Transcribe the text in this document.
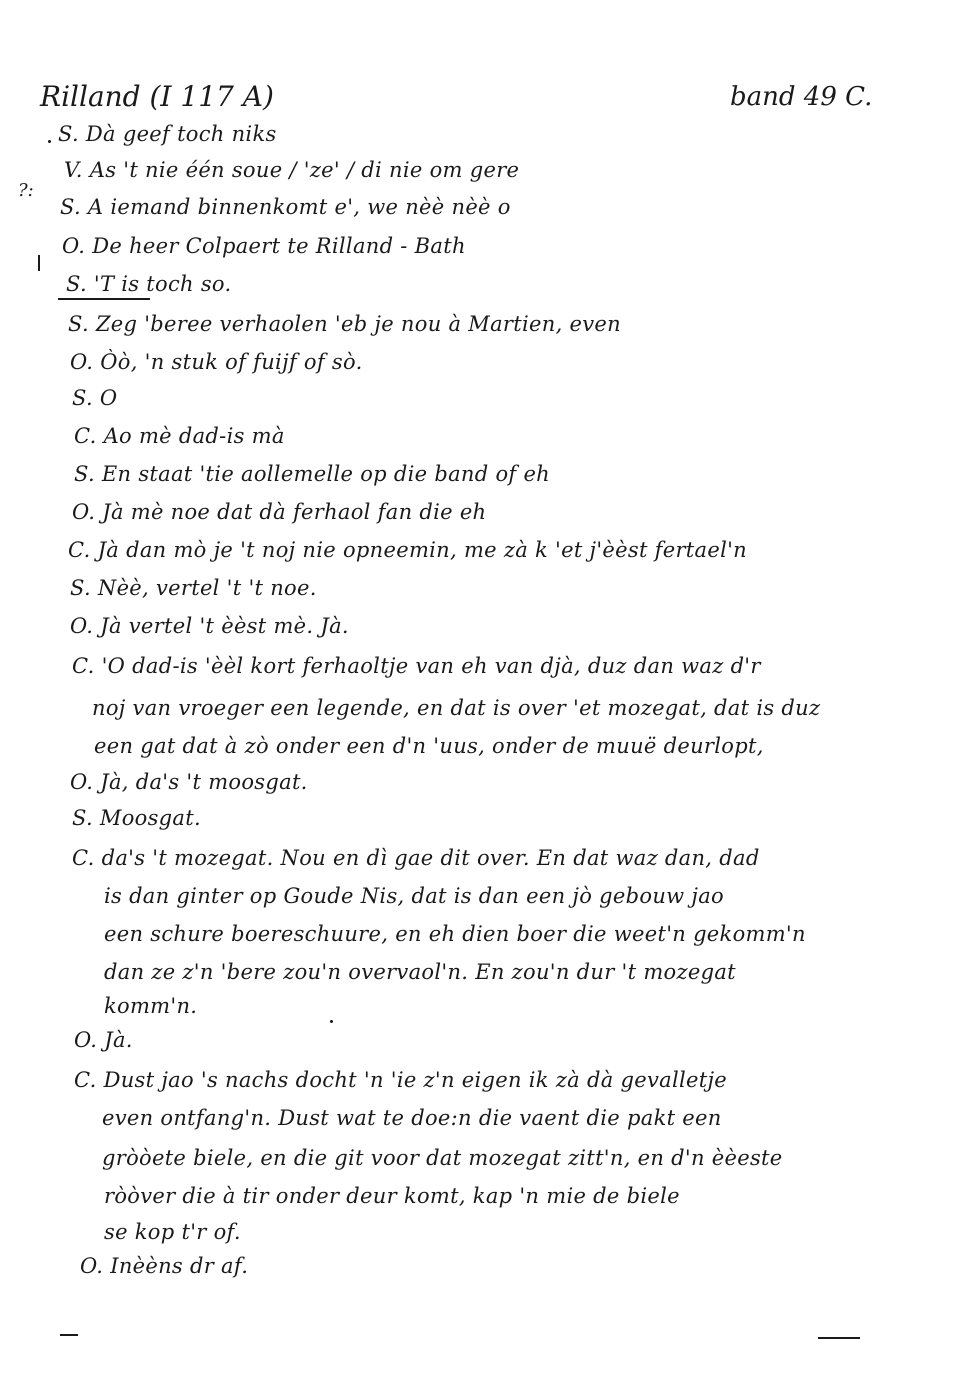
Rilland (I 117 A)	band 49 C.
?:
S. Dà geef toch niks
V. As 't nie één soue / 'ze' / di nie om gere
S. A iemand binnenkomt e', we nèè nèè o
O. De heer Colpaert te Rilland - Bath
S. 'T is toch so.
S. Zeg 'beree verhaolen 'eb je nou à Martien, even
O. Òò, 'n stuk of fuijf of sò.
S. O
C. Ao mè dad-is mà
S. En staat 'tie aollemelle op die band of eh
O. Jà mè noe dat dà ferhaol fan die eh
C. Jà dan mò je 't noj nie opneemin, me zà k 'et j'èèst fertael'n
S. Nèè, vertel 't 't noe.
O. Jà vertel 't èèst mè. Jà.
C. 'O dad-is 'èèl kort ferhaoltje van eh van djà, duz dan waz d'r
noj van vroeger een legende, en dat is over 'et mozegat, dat is duz
een gat dat à zò onder een d'n 'uus, onder de muuë deurlopt,
O. Jà, da's 't moosgat.
S. Moosgat.
C. da's 't mozegat. Nou en dì gae dit over. En dat waz dan, dad
is dan ginter op Goude Nis, dat is dan een jò gebouw jao
een schure boereschuure, en eh dien boer die weet'n gekomm'n
dan ze z'n 'bere zou'n overvaol'n. En zou'n dur 't mozegat
komm'n.
O. Jà.
C. Dust jao 's nachs docht 'n 'ie z'n eigen ik zà dà gevalletje
even ontfang'n. Dust wat te doe:n die vaent die pakt een
gròòete biele, en die git voor dat mozegat zitt'n, en d'n èèeste
ròòver die à tir onder deur komt, kap 'n mie de biele
se kop t'r of.
O. Inèèns dr af.
